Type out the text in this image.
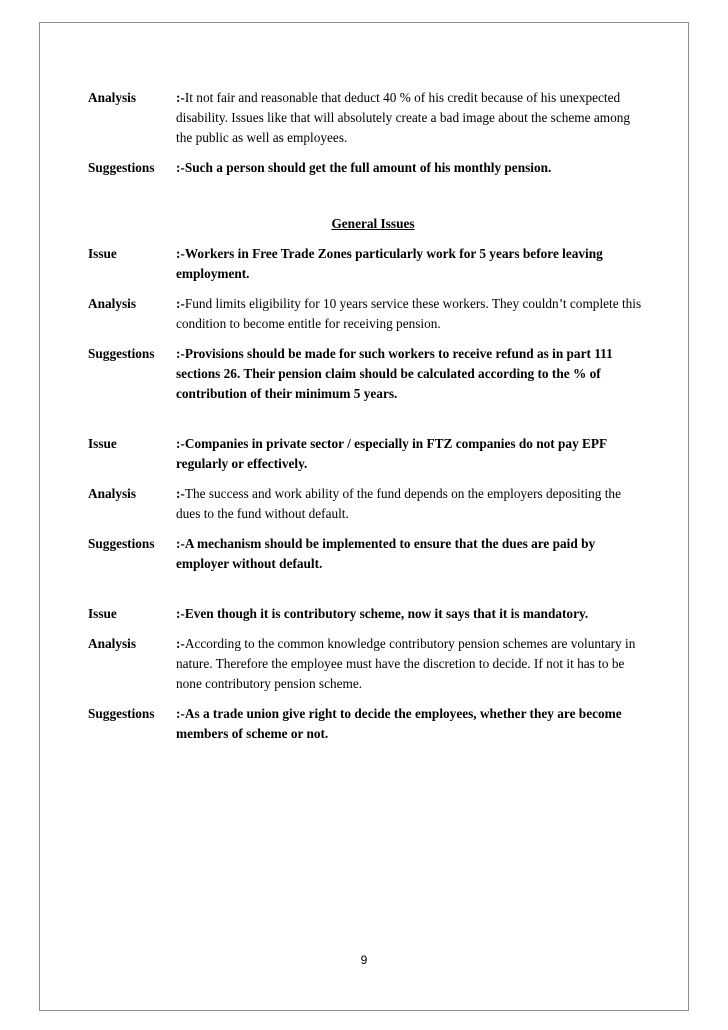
Analysis	:-It not fair and reasonable that deduct 40 % of his credit because of his unexpected disability. Issues like that will absolutely create a bad image about the scheme among the public as well as employees.
Suggestions	:-Such a person should get the full amount of his monthly pension.
General Issues
Issue	:-Workers in Free Trade Zones particularly work for 5 years before leaving employment.
Analysis	:-Fund limits eligibility for 10 years service these workers. They couldn’t complete this condition to become entitle for receiving pension.
Suggestions	:-Provisions should be made for such workers to receive refund as in part 111 sections 26. Their pension claim should be calculated according to the % of contribution of their minimum 5 years.
Issue	:-Companies in private sector / especially in FTZ companies do not pay EPF regularly or effectively.
Analysis	:-The success and work ability of the fund depends on the employers depositing the dues to the fund without default.
Suggestions	:-A mechanism should be implemented to ensure that the dues are paid by employer without default.
Issue	:-Even though it is contributory scheme, now it says that it is mandatory.
Analysis	:-According to the common knowledge contributory pension schemes are voluntary in nature. Therefore the employee must have the discretion to decide. If not it has to be none contributory pension scheme.
Suggestions	:-As a trade union give right to decide the employees, whether they are become members of scheme or not.
9
